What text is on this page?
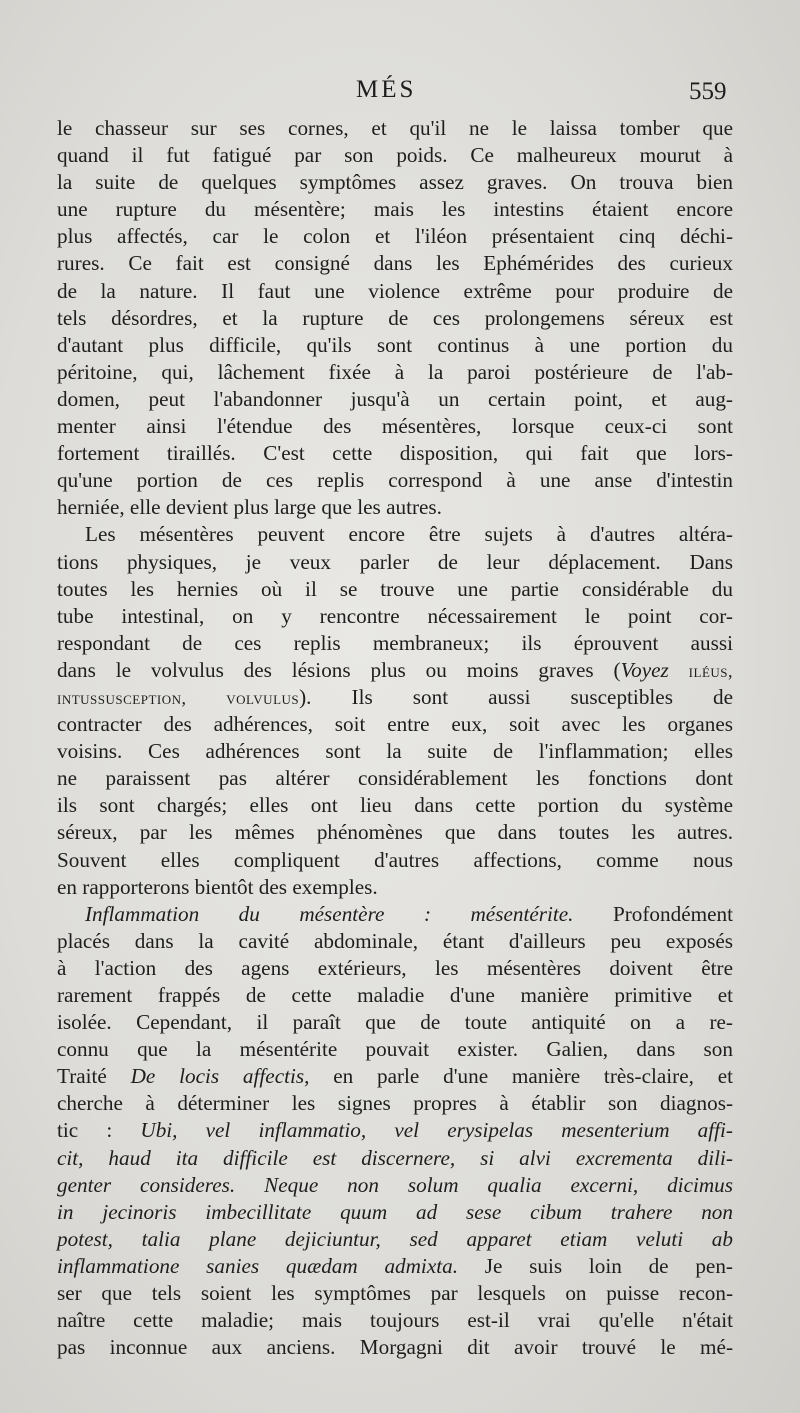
MÉS	559
le chasseur sur ses cornes, et qu'il ne le laissa tomber que
quand il fut fatigué par son poids. Ce malheureux mourut à
la suite de quelques symptômes assez graves. On trouva bien
une rupture du mésentère; mais les intestins étaient encore
plus affectés, car le colon et l'iléon présentaient cinq déchi-
rures. Ce fait est consigné dans les Ephémérides des curieux
de la nature. Il faut une violence extrême pour produire de
tels désordres, et la rupture de ces prolongemens séreux est
d'autant plus difficile, qu'ils sont continus à une portion du
péritoine, qui, lâchement fixée à la paroi postérieure de l'ab-
domen, peut l'abandonner jusqu'à un certain point, et aug-
menter ainsi l'étendue des mésentères, lorsque ceux-ci sont
fortement tiraillés. C'est cette disposition, qui fait que lors-
qu'une portion de ces replis correspond à une anse d'intestin
herniée, elle devient plus large que les autres.
Les mésentères peuvent encore être sujets à d'autres altéra-
tions physiques, je veux parler de leur déplacement. Dans
toutes les hernies où il se trouve une partie considérable du
tube intestinal, on y rencontre nécessairement le point cor-
respondant de ces replis membraneux; ils éprouvent aussi
dans le volvulus des lésions plus ou moins graves (Voyez iléus,
intussusception, volvulus). Ils sont aussi susceptibles de
contracter des adhérences, soit entre eux, soit avec les organes
voisins. Ces adhérences sont la suite de l'inflammation; elles
ne paraissent pas altérer considérablement les fonctions dont
ils sont chargés; elles ont lieu dans cette portion du système
séreux, par les mêmes phénomènes que dans toutes les autres.
Souvent elles compliquent d'autres affections, comme nous
en rapporterons bientôt des exemples.
Inflammation du mésentère : mésentérite. Profondément
placés dans la cavité abdominale, étant d'ailleurs peu exposés
à l'action des agens extérieurs, les mésentères doivent être
rarement frappés de cette maladie d'une manière primitive et
isolée. Cependant, il paraît que de toute antiquité on a re-
connu que la mésentérite pouvait exister. Galien, dans son
Traité De locis affectis, en parle d'une manière très-claire, et
cherche à déterminer les signes propres à établir son diagnos-
tic : Ubi, vel inflammatio, vel erysipelas mesenterium affi-
cit, haud ita difficile est discernere, si alvi excrementa dili-
genter consideres. Neque non solum qualia excerni, dicimus
in jecinoris imbecillitate quum ad sese cibum trahere non
potest, talia plane dejiciuntur, sed apparet etiam veluti ab
inflammatione sanies quædam admixta. Je suis loin de pen-
ser que tels soient les symptômes par lesquels on puisse recon-
naître cette maladie; mais toujours est-il vrai qu'elle n'était
pas inconnue aux anciens. Morgagni dit avoir trouvé le mé-
